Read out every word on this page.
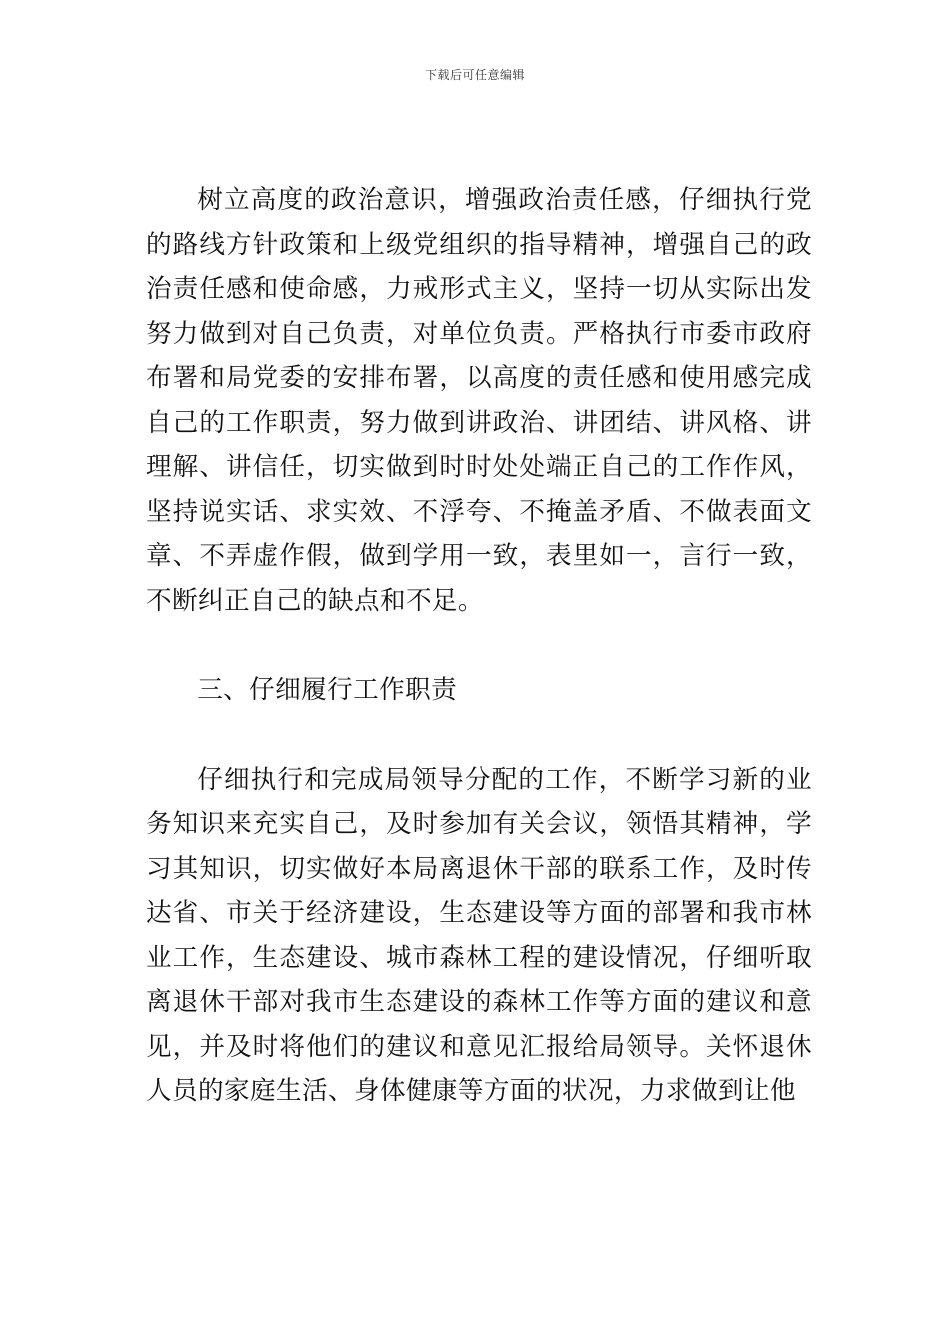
下载后可任意编辑

树立高度的政治意识，增强政治责任感，仔细执行党的路线方针政策和上级党组织的指导精神，增强自己的政治责任感和使命感，力戒形式主义，坚持一切从实际出发努力做到对自己负责，对单位负责。严格执行市委市政府布署和局党委的安排布署，以高度的责任感和使用感完成自己的工作职责，努力做到讲政治、讲团结、讲风格、讲理解、讲信任，切实做到时时处处端正自己的工作作风，坚持说实话、求实效、不浮夸、不掩盖矛盾、不做表面文章、不弄虚作假，做到学用一致，表里如一，言行一致，不断纠正自己的缺点和不足。

三、仔细履行工作职责

仔细执行和完成局领导分配的工作，不断学习新的业务知识来充实自己，及时参加有关会议，领悟其精神，学习其知识，切实做好本局离退休干部的联系工作，及时传达省、市关于经济建设，生态建设等方面的部署和我市林业工作，生态建设、城市森林工程的建设情况，仔细听取离退休干部对我市生态建设的森林工作等方面的建议和意见，并及时将他们的建议和意见汇报给局领导。关怀退休人员的家庭生活、身体健康等方面的状况，力求做到让他
